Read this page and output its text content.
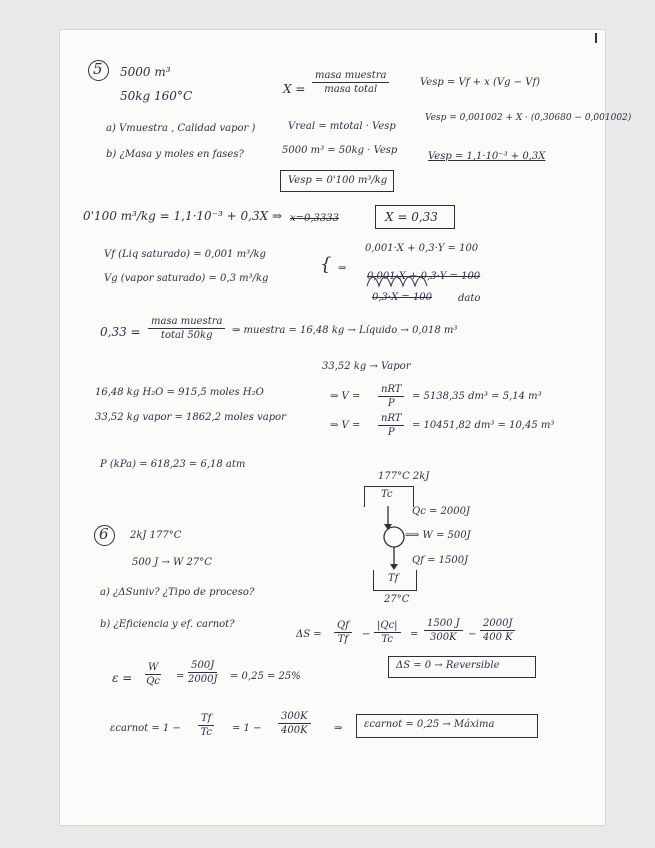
5 5000 m³
50kg 160°C
a) Vmuestra , Calidad vapor )
b) ¿Masa y moles en fases?
X =
masa muestra
masa total
Vesp = Vf + x (Vg − Vf)
Vesp = 0,001002 + X · (0,30680 − 0,001002)
Vesp = 1,1·10⁻³ + 0,3X
Vreal = mtotal · Vesp
5000 m³ = 50kg · Vesp
Vesp = 0'100 m³/kg
0'100 m³/kg = 1,1·10⁻³ + 0,3X ⇒ x=0,3333	X = 0,33
Vf (Liq saturado) = 0,001 m³/kg
Vg (vapor saturado) = 0,3 m³/kg
{ ⇒
0,001·X + 0,3·Y = 100
0,001·X + 0,3·Y = 100
0,3·X = 100	dato
0,33 =
masa muestra
total 50kg ⇒ muestra = 16,48 kg → Líquido → 0,018 m³
33,52 kg → Vapor
16,48 kg H₂O = 915,5 moles H₂O
33,52 kg vapor = 1862,2 moles vapor
⇒ V =
nRT
P
= 5138,35 dm³ = 5,14 m³
⇒ V =
nRT
P
= 10451,82 dm³ = 10,45 m³
P (kPa) = 618,23 = 6,18 atm
177°C 2kJ
Tc
Qc = 2000J
⟹ W = 500J
Qf = 1500J
Tf
27°C
6 2kJ 177°C
500 J → W 27°C
a) ¿ΔSuniv? ¿Tipo de proceso?
b) ¿Eficiencia y ef. carnot?
$\Delta S = \frac{Qf}{Tf} - \frac{|Qc|}{Tc} = \frac{1500 J}{300K} - \frac{2000J}{400 K}$
ΔS = 0 → Reversible
$\varepsilon = \frac{W}{Qc} = \frac{500J}{2000J} = 0,25 = 25\%$
εcarnot = $1 - \frac{Tf}{Tc} = 1 - \frac{300K}{400K}$ ⇒ εcarnot = 0,25 → Máxima
